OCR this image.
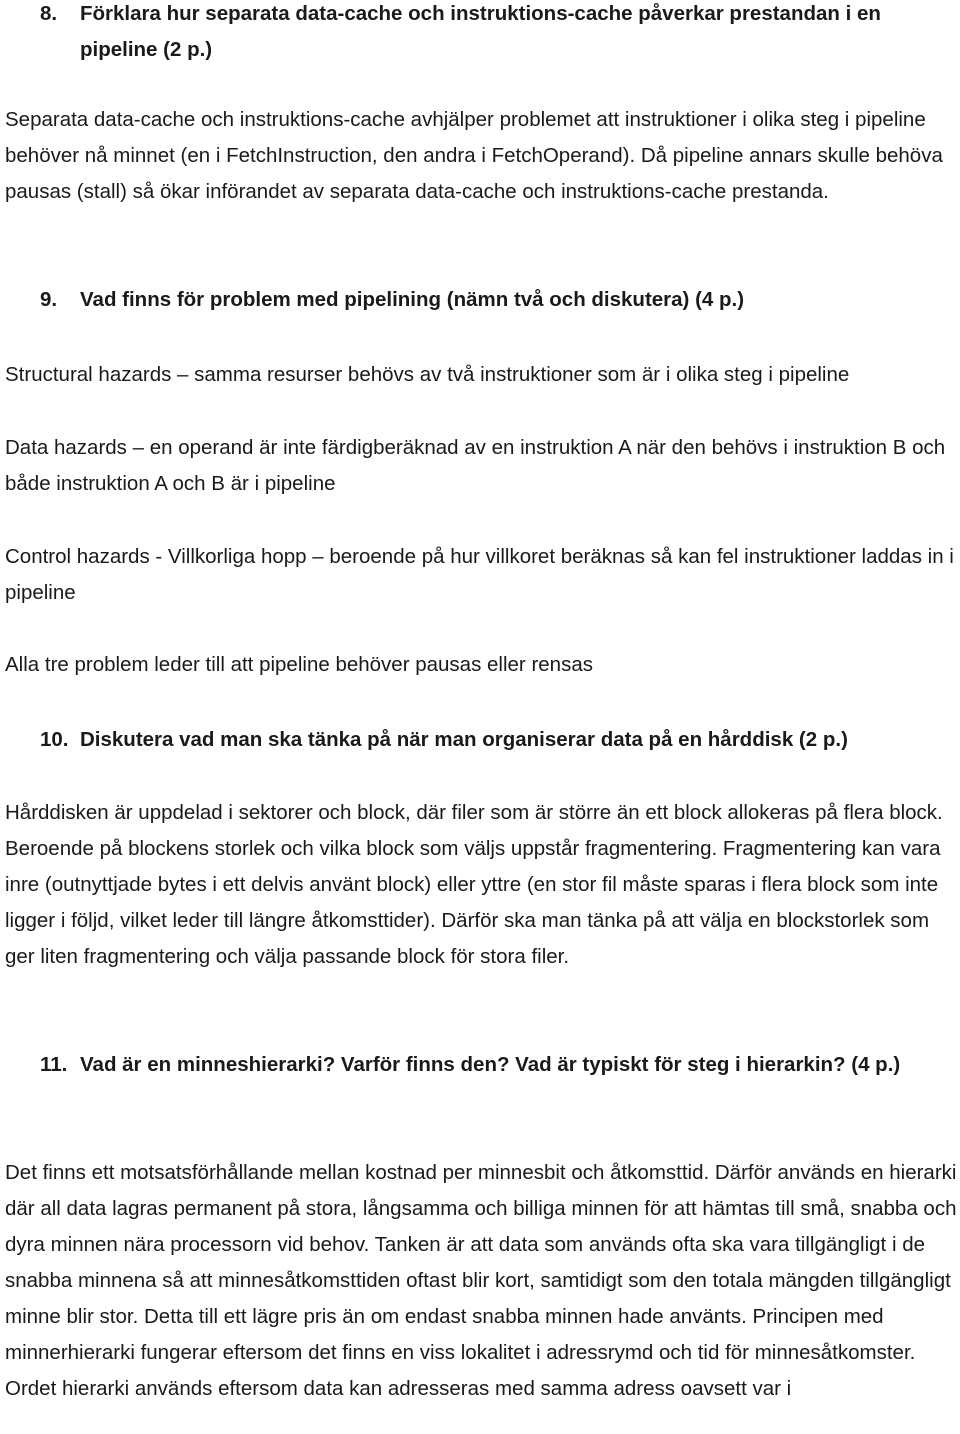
8.	Förklara hur separata data-cache och instruktions-cache påverkar prestandan i en pipeline (2 p.)

Separata data-cache och instruktions-cache avhjälper problemet att instruktioner i olika steg i pipeline behöver nå minnet (en i FetchInstruction, den andra i FetchOperand). Då pipeline annars skulle behöva pausas (stall) så ökar införandet av separata data-cache och instruktions-cache prestanda.

9.	Vad finns för problem med pipelining (nämn två och diskutera) (4 p.)

Structural hazards – samma resurser behövs av två instruktioner som är i olika steg i pipeline

Data hazards – en operand är inte färdigberäknad av en instruktion A när den behövs i instruktion B och både instruktion A och B är i pipeline

Control hazards - Villkorliga hopp – beroende på hur villkoret beräknas så kan fel instruktioner laddas in i pipeline

Alla tre problem leder till att pipeline behöver pausas eller rensas

10. Diskutera vad man ska tänka på när man organiserar data på en hårddisk (2 p.)

Hårddisken är uppdelad i sektorer och block, där filer som är större än ett block allokeras på flera block. Beroende på blockens storlek och vilka block som väljs uppstår fragmentering. Fragmentering kan vara inre (outnyttjade bytes i ett delvis använt block) eller yttre (en stor fil måste sparas i flera block som inte ligger i följd, vilket leder till längre åtkomsttider). Därför ska man tänka på att välja en blockstorlek som ger liten fragmentering och välja passande block för stora filer.

11. Vad är en minneshierarki? Varför finns den? Vad är typiskt för steg i hierarkin? (4 p.)

Det finns ett motsatsförhållande mellan kostnad per minnesbit och åtkomsttid. Därför används en hierarki där all data lagras permanent på stora, långsamma och billiga minnen för att hämtas till små, snabba och dyra minnen nära processorn vid behov. Tanken är att data som används ofta ska vara tillgängligt i de snabba minnena så att minnesåtkomsttiden oftast blir kort, samtidigt som den totala mängden tillgängligt minne blir stor. Detta till ett lägre pris än om endast snabba minnen hade använts. Principen med minnerhierarki fungerar eftersom det finns en viss lokalitet i adressrymd och tid för minnesåtkomster. Ordet hierarki används eftersom data kan adresseras med samma adress oavsett var i
